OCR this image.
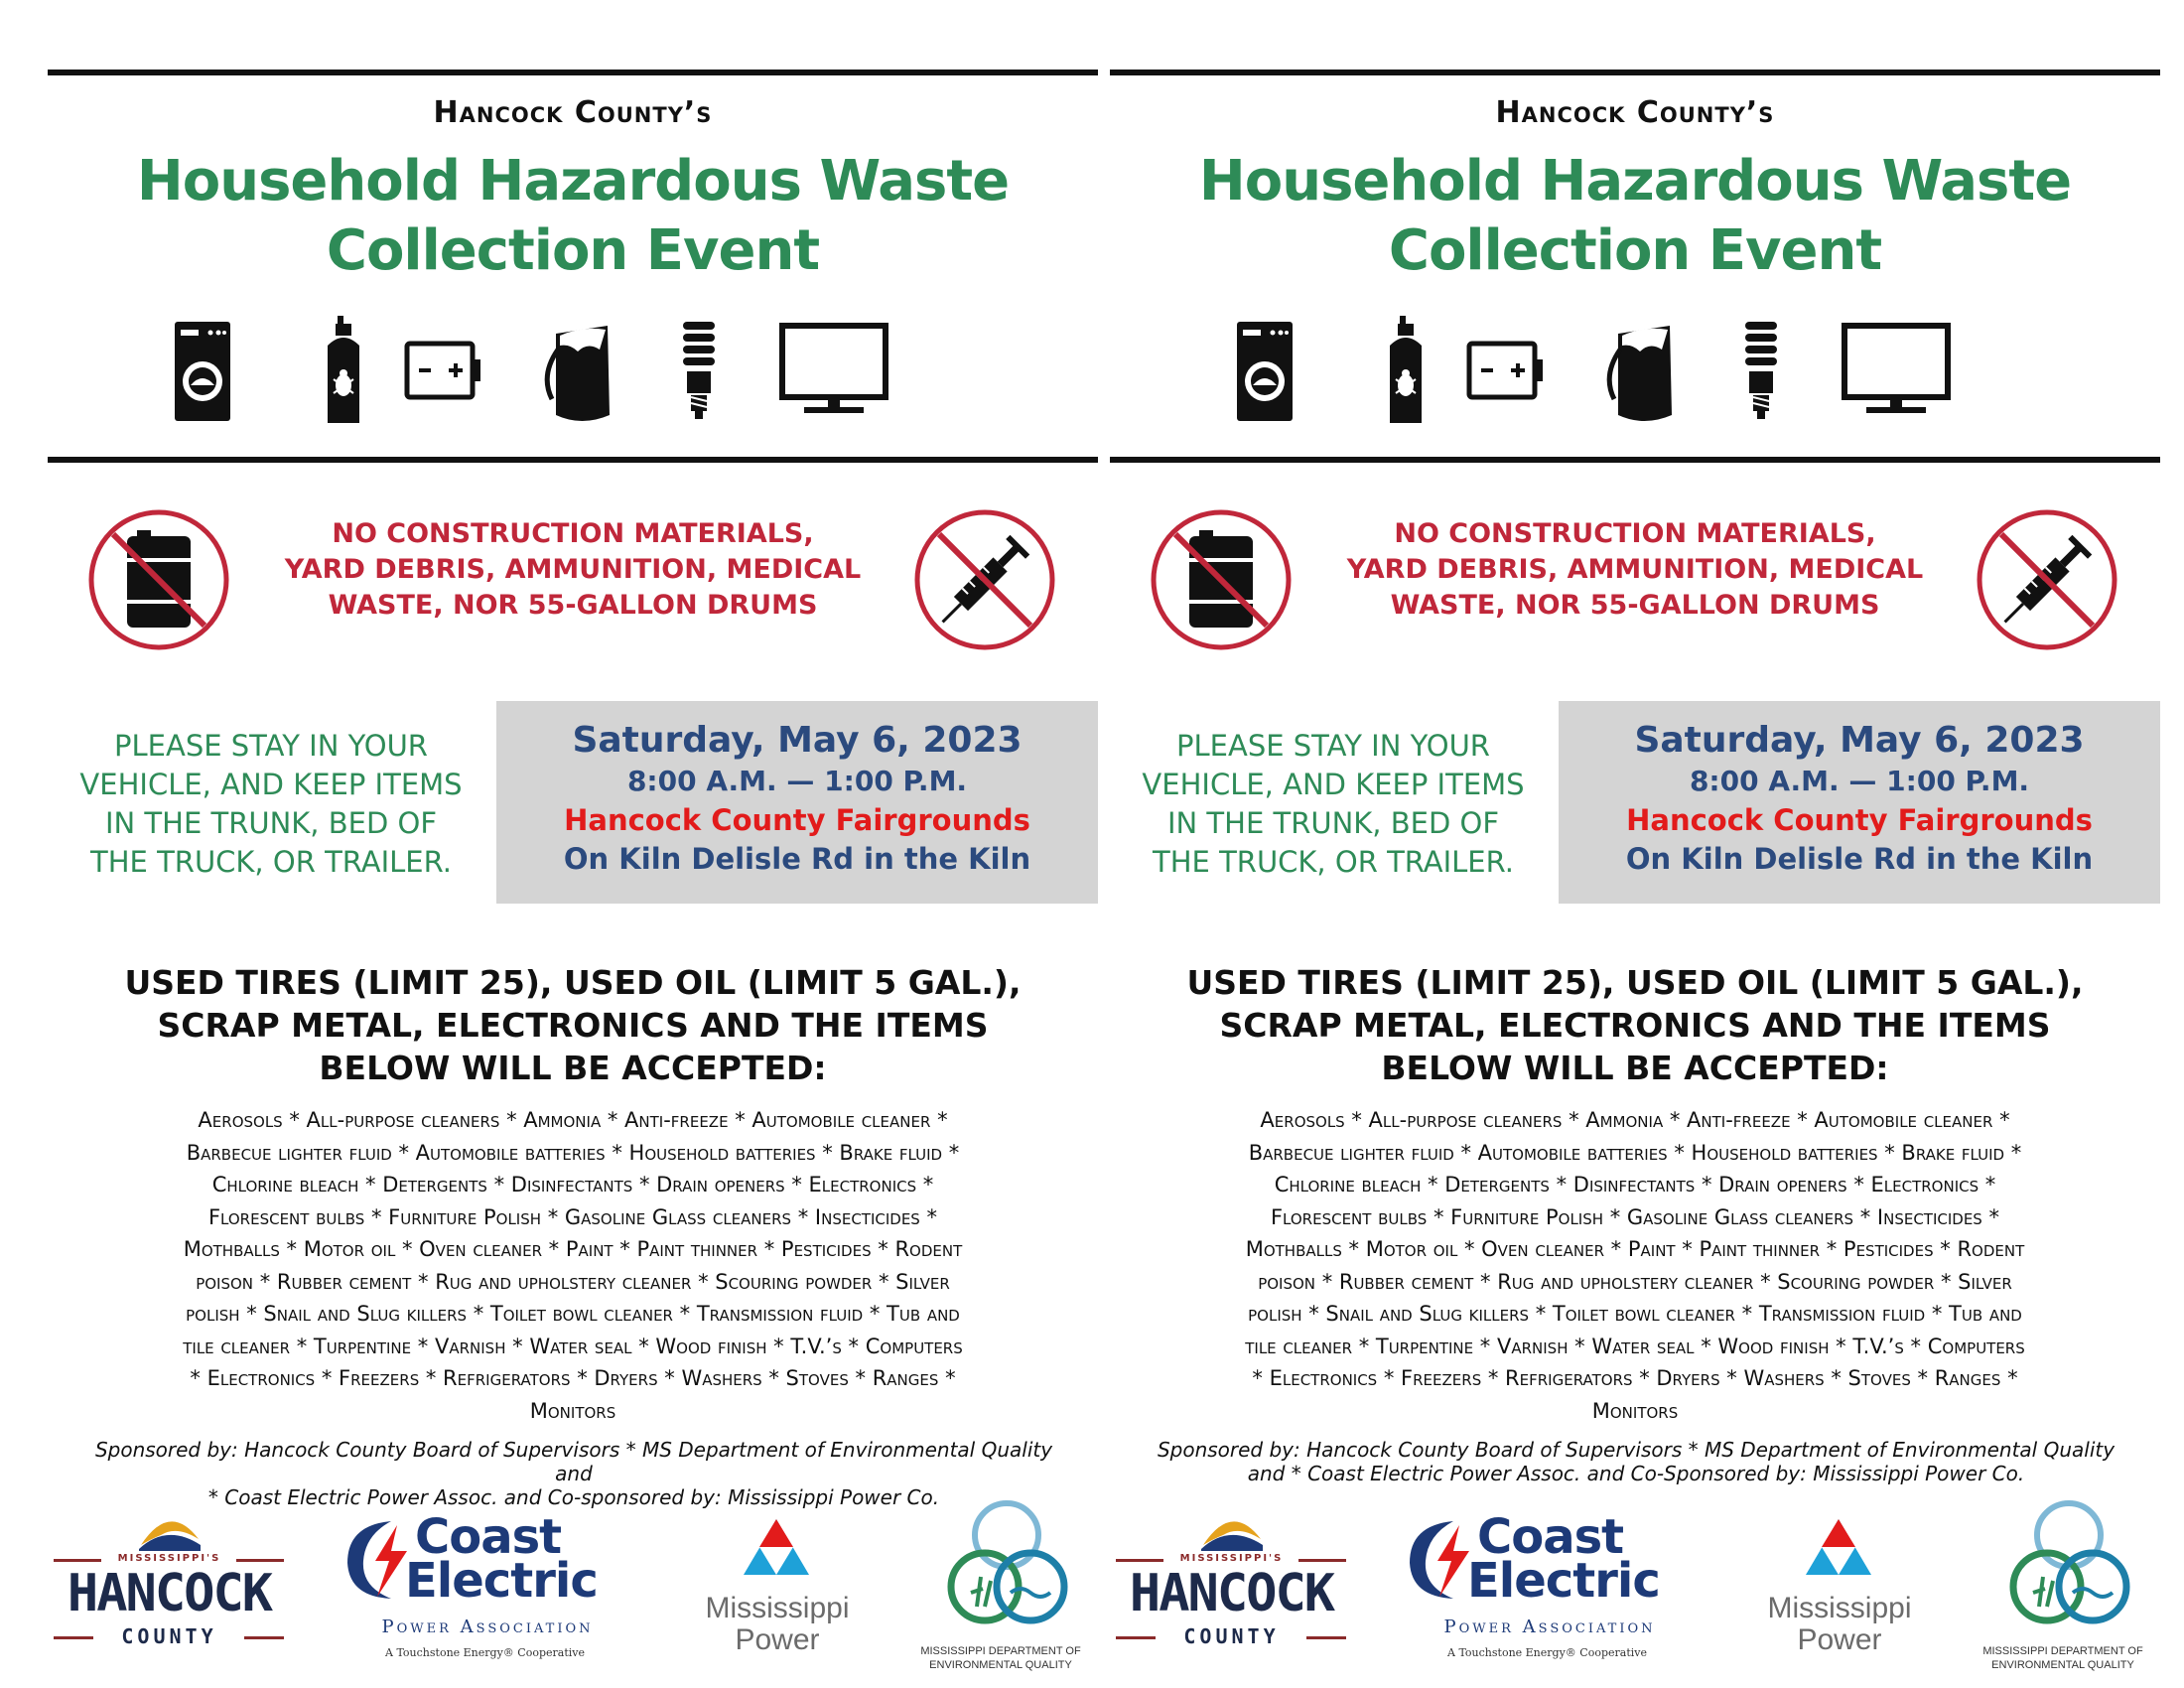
Hancock County’s
Household Hazardous Waste
Collection Event
NO CONSTRUCTION MATERIALS,
YARD DEBRIS, AMMUNITION, MEDICAL
WASTE, NOR 55-GALLON DRUMS
PLEASE STAY IN YOUR
VEHICLE, AND KEEP ITEMS
IN THE TRUNK, BED OF
THE TRUCK, OR TRAILER.
Saturday, May 6, 2023
8:00 A.M. — 1:00 P.M.
Hancock County Fairgrounds
On Kiln Delisle Rd in the Kiln
USED TIRES (LIMIT 25), USED OIL (LIMIT 5 GAL.),
SCRAP METAL, ELECTRONICS AND THE ITEMS
BELOW WILL BE ACCEPTED:
Aerosols * All-purpose cleaners * Ammonia * Anti-freeze * Automobile cleaner *
Barbecue lighter fluid * Automobile batteries * Household batteries * Brake fluid *
Chlorine bleach * Detergents * Disinfectants * Drain openers * Electronics *
Florescent bulbs * Furniture Polish * Gasoline Glass cleaners * Insecticides *
Mothballs * Motor oil * Oven cleaner * Paint * Paint thinner * Pesticides * Rodent
poison * Rubber cement * Rug and upholstery cleaner * Scouring powder * Silver
polish * Snail and Slug killers * Toilet bowl cleaner * Transmission fluid * Tub and
tile cleaner * Turpentine * Varnish * Water seal * Wood finish * T.V.’s * Computers
* Electronics * Freezers * Refrigerators * Dryers * Washers * Stoves * Ranges *
Monitors
Sponsored by: Hancock County Board of Supervisors * MS Department of Environmental Quality and
* Coast Electric Power Assoc. and Co-sponsored by: Mississippi Power Co.
MISSISSIPPI'S
HANCOCK
COUNTY
Coast
Electric
Power Association
A Touchstone Energy® Cooperative
Mississippi
Power	MISSISSIPPI DEPARTMENT OF
ENVIRONMENTAL QUALITY
Hancock County’s
Household Hazardous Waste
Collection Event
NO CONSTRUCTION MATERIALS,
YARD DEBRIS, AMMUNITION, MEDICAL
WASTE, NOR 55-GALLON DRUMS
PLEASE STAY IN YOUR
VEHICLE, AND KEEP ITEMS
IN THE TRUNK, BED OF
THE TRUCK, OR TRAILER.
Saturday, May 6, 2023
8:00 A.M. — 1:00 P.M.
Hancock County Fairgrounds
On Kiln Delisle Rd in the Kiln
USED TIRES (LIMIT 25), USED OIL (LIMIT 5 GAL.),
SCRAP METAL, ELECTRONICS AND THE ITEMS
BELOW WILL BE ACCEPTED:
Aerosols * All-purpose cleaners * Ammonia * Anti-freeze * Automobile cleaner *
Barbecue lighter fluid * Automobile batteries * Household batteries * Brake fluid *
Chlorine bleach * Detergents * Disinfectants * Drain openers * Electronics *
Florescent bulbs * Furniture Polish * Gasoline Glass cleaners * Insecticides *
Mothballs * Motor oil * Oven cleaner * Paint * Paint thinner * Pesticides * Rodent
poison * Rubber cement * Rug and upholstery cleaner * Scouring powder * Silver
polish * Snail and Slug killers * Toilet bowl cleaner * Transmission fluid * Tub and
tile cleaner * Turpentine * Varnish * Water seal * Wood finish * T.V.’s * Computers
* Electronics * Freezers * Refrigerators * Dryers * Washers * Stoves * Ranges *
Monitors
Sponsored by: Hancock County Board of Supervisors * MS Department of Environmental Quality
and * Coast Electric Power Assoc. and Co-Sponsored by: Mississippi Power Co.
MISSISSIPPI'S
HANCOCK
COUNTY
Coast
Electric
Power Association
A Touchstone Energy® Cooperative
Mississippi
Power	MISSISSIPPI DEPARTMENT OF
ENVIRONMENTAL QUALITY
